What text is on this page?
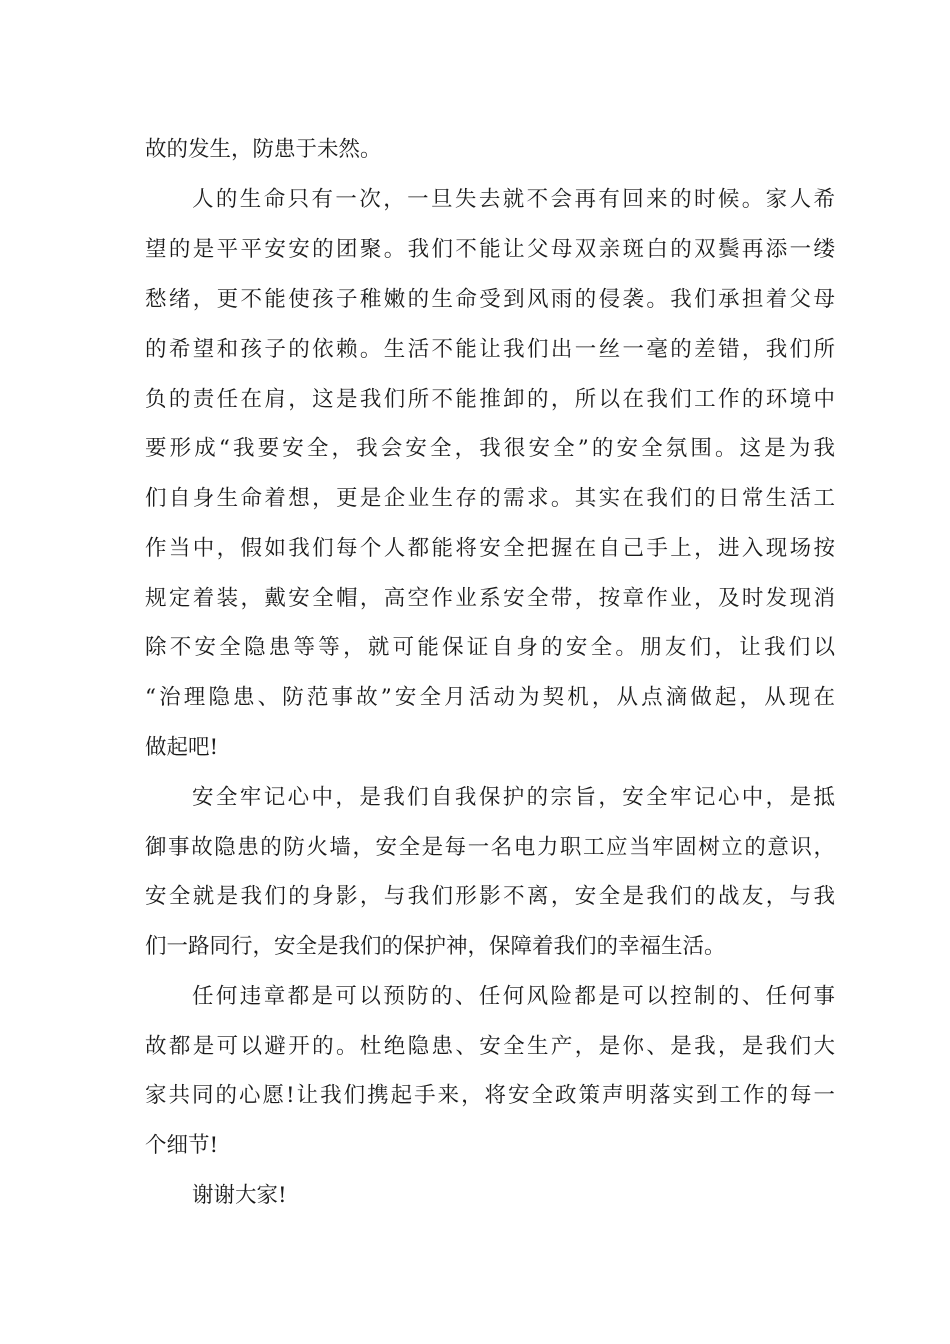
故的发生，防患于未然。
人的生命只有一次，一旦失去就不会再有回来的时候。家人希
望的是平平安安的团聚。我们不能让父母双亲斑白的双鬓再添一缕
愁绪，更不能使孩子稚嫩的生命受到风雨的侵袭。我们承担着父母
的希望和孩子的依赖。生活不能让我们出一丝一毫的差错，我们所
负的责任在肩，这是我们所不能推卸的，所以在我们工作的环境中
要形成“我要安全，我会安全，我很安全”的安全氛围。这是为我
们自身生命着想，更是企业生存的需求。其实在我们的日常生活工
作当中，假如我们每个人都能将安全把握在自己手上，进入现场按
规定着装，戴安全帽，高空作业系安全带，按章作业，及时发现消
除不安全隐患等等，就可能保证自身的安全。朋友们，让我们以
“治理隐患、防范事故”安全月活动为契机，从点滴做起，从现在
做起吧!
安全牢记心中，是我们自我保护的宗旨，安全牢记心中，是抵
御事故隐患的防火墙，安全是每一名电力职工应当牢固树立的意识，
安全就是我们的身影，与我们形影不离，安全是我们的战友，与我
们一路同行，安全是我们的保护神，保障着我们的幸福生活。
任何违章都是可以预防的、任何风险都是可以控制的、任何事
故都是可以避开的。杜绝隐患、安全生产，是你、是我，是我们大
家共同的心愿!让我们携起手来，将安全政策声明落实到工作的每一
个细节!
谢谢大家!
